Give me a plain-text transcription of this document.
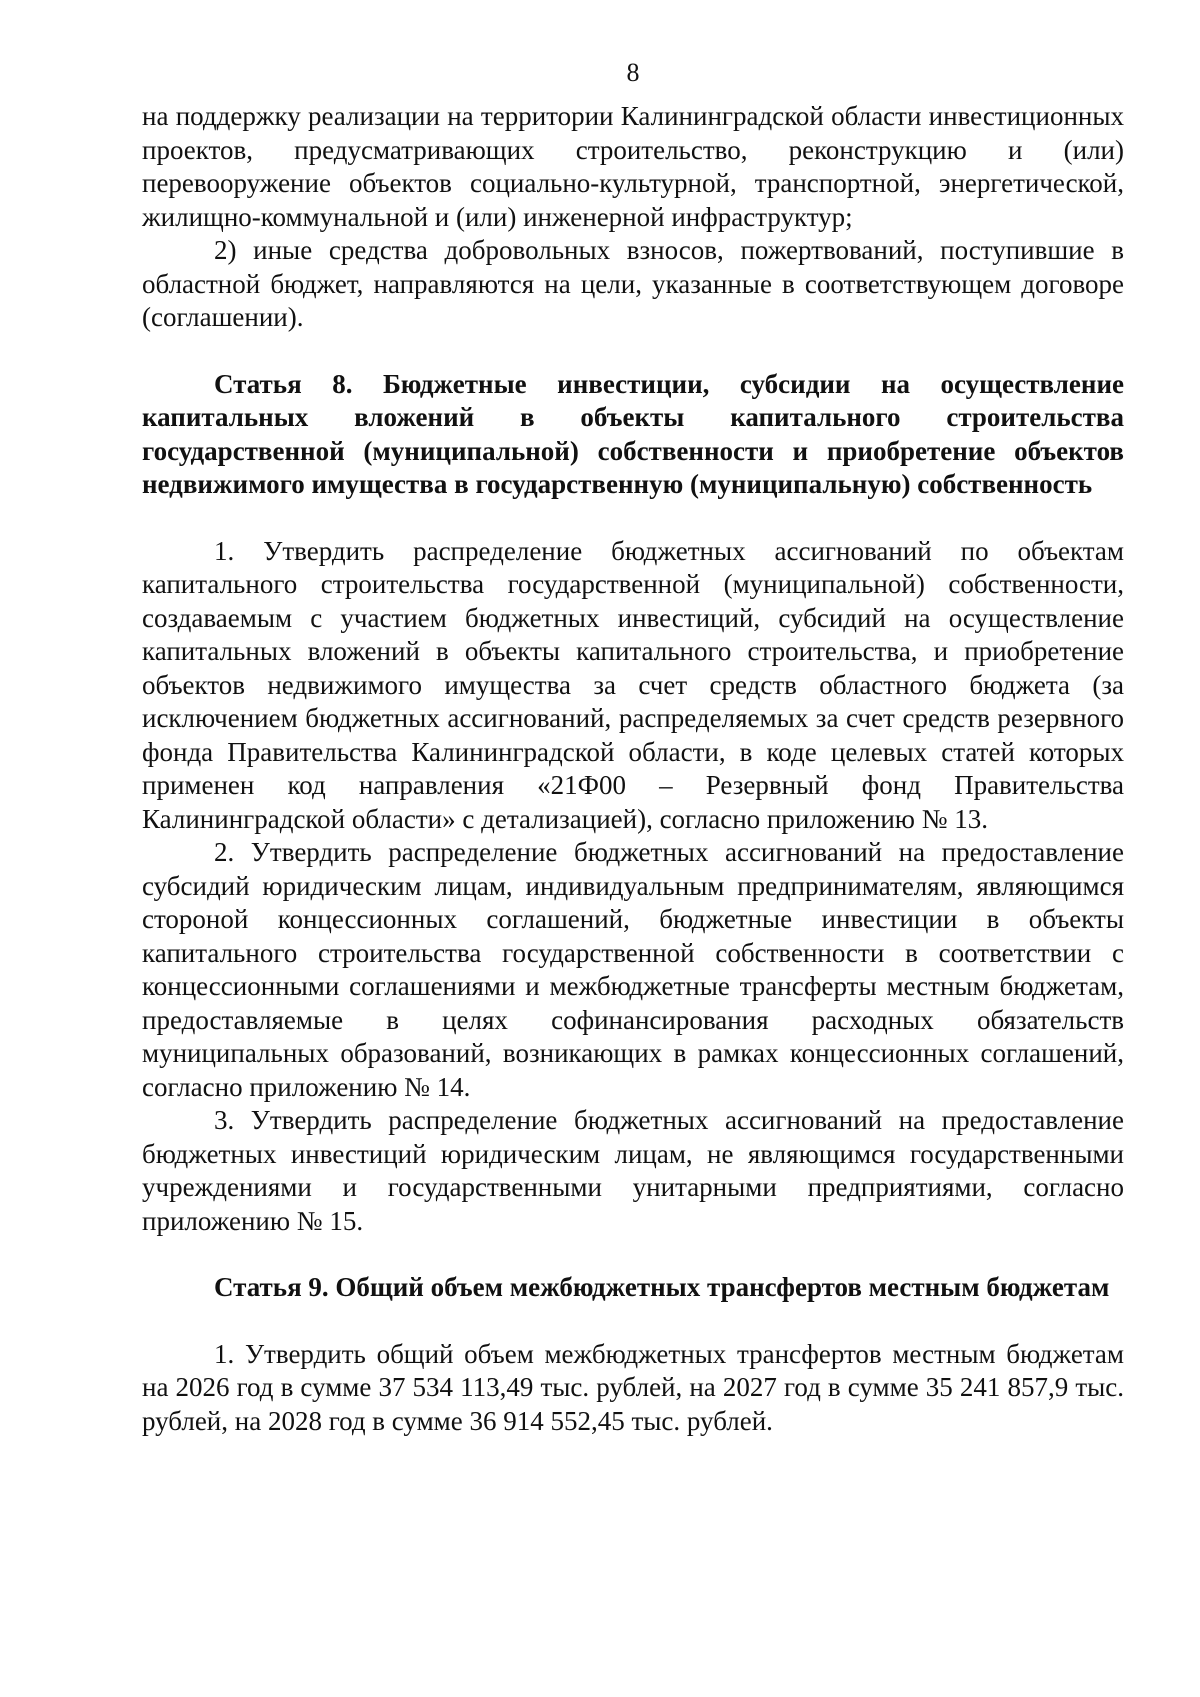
8

на поддержку реализации на территории Калининградской области инвестиционных проектов, предусматривающих строительство, реконструкцию и (или) перевооружение объектов социально-культурной, транспортной, энергетической, жилищно-коммунальной и (или) инженерной инфраструктур;

2) иные средства добровольных взносов, пожертвований, поступившие в областной бюджет, направляются на цели, указанные в соответствующем договоре (соглашении).

Статья 8. Бюджетные инвестиции, субсидии на осуществление капитальных вложений в объекты капитального строительства государственной (муниципальной) собственности и приобретение объектов недвижимого имущества в государственную (муниципальную) собственность

1. Утвердить распределение бюджетных ассигнований по объектам капитального строительства государственной (муниципальной) собственности, создаваемым с участием бюджетных инвестиций, субсидий на осуществление капитальных вложений в объекты капитального строительства, и приобретение объектов недвижимого имущества за счет средств областного бюджета (за исключением бюджетных ассигнований, распределяемых за счет средств резервного фонда Правительства Калининградской области, в коде целевых статей которых применен код направления «21Ф00 – Резервный фонд Правительства Калининградской области» с детализацией), согласно приложению № 13.

2. Утвердить распределение бюджетных ассигнований на предоставление субсидий юридическим лицам, индивидуальным предпринимателям, являющимся стороной концессионных соглашений, бюджетные инвестиции в объекты капитального строительства государственной собственности в соответствии с концессионными соглашениями и межбюджетные трансферты местным бюджетам, предоставляемые в целях софинансирования расходных обязательств муниципальных образований, возникающих в рамках концессионных соглашений, согласно приложению № 14.

3. Утвердить распределение бюджетных ассигнований на предоставление бюджетных инвестиций юридическим лицам, не являющимся государственными учреждениями и государственными унитарными предприятиями, согласно приложению № 15.

Статья 9. Общий объем межбюджетных трансфертов местным бюджетам

1. Утвердить общий объем межбюджетных трансфертов местным бюджетам на 2026 год в сумме 37 534 113,49 тыс. рублей, на 2027 год в сумме 35 241 857,9 тыс. рублей, на 2028 год в сумме 36 914 552,45 тыс. рублей.
